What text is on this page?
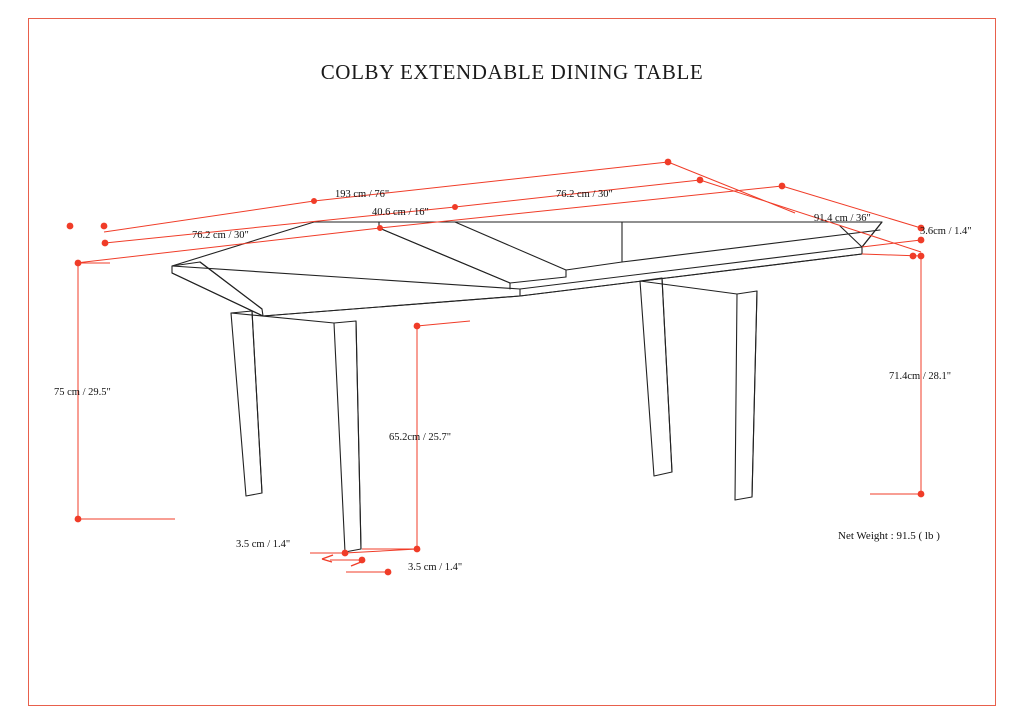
COLBY EXTENDABLE DINING TABLE
193 cm / 76"
40.6 cm / 16"
76.2 cm / 30"
76.2 cm / 30"
91.4 cm / 36"
3.6cm / 1.4"
75 cm / 29.5"
71.4cm / 28.1"
65.2cm / 25.7"
3.5 cm / 1.4"
3.5 cm / 1.4"
Net Weight : 91.5 ( lb )
